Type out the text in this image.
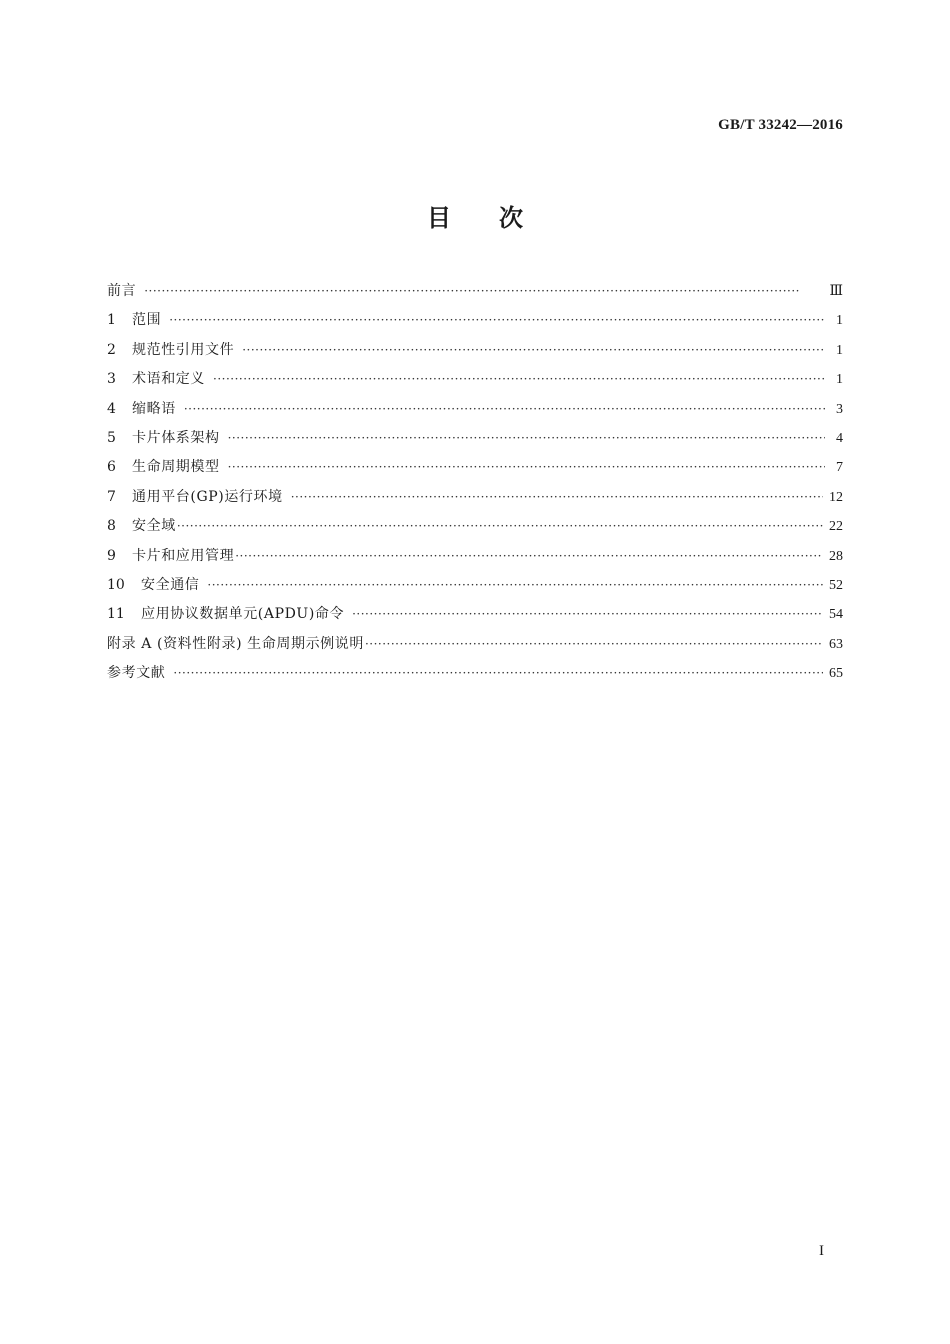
GB/T 33242—2016
目次
前言 ·····	Ⅲ
1	范围 ·····	1
2	规范性引用文件 ·····	1
3	术语和定义 ·····	1
4	缩略语 ·····	3
5	卡片体系架构 ·····	4
6	生命周期模型 ·····	7
7	通用平台(GP)运行环境 ·····	12
8	安全域 ·····	22
9	卡片和应用管理 ·····	28
10	安全通信 ·····	52
11	应用协议数据单元(APDU)命令 ·····	54
附录 A (资料性附录) 生命周期示例说明 ·····	63
参考文献 ·····	65
I
